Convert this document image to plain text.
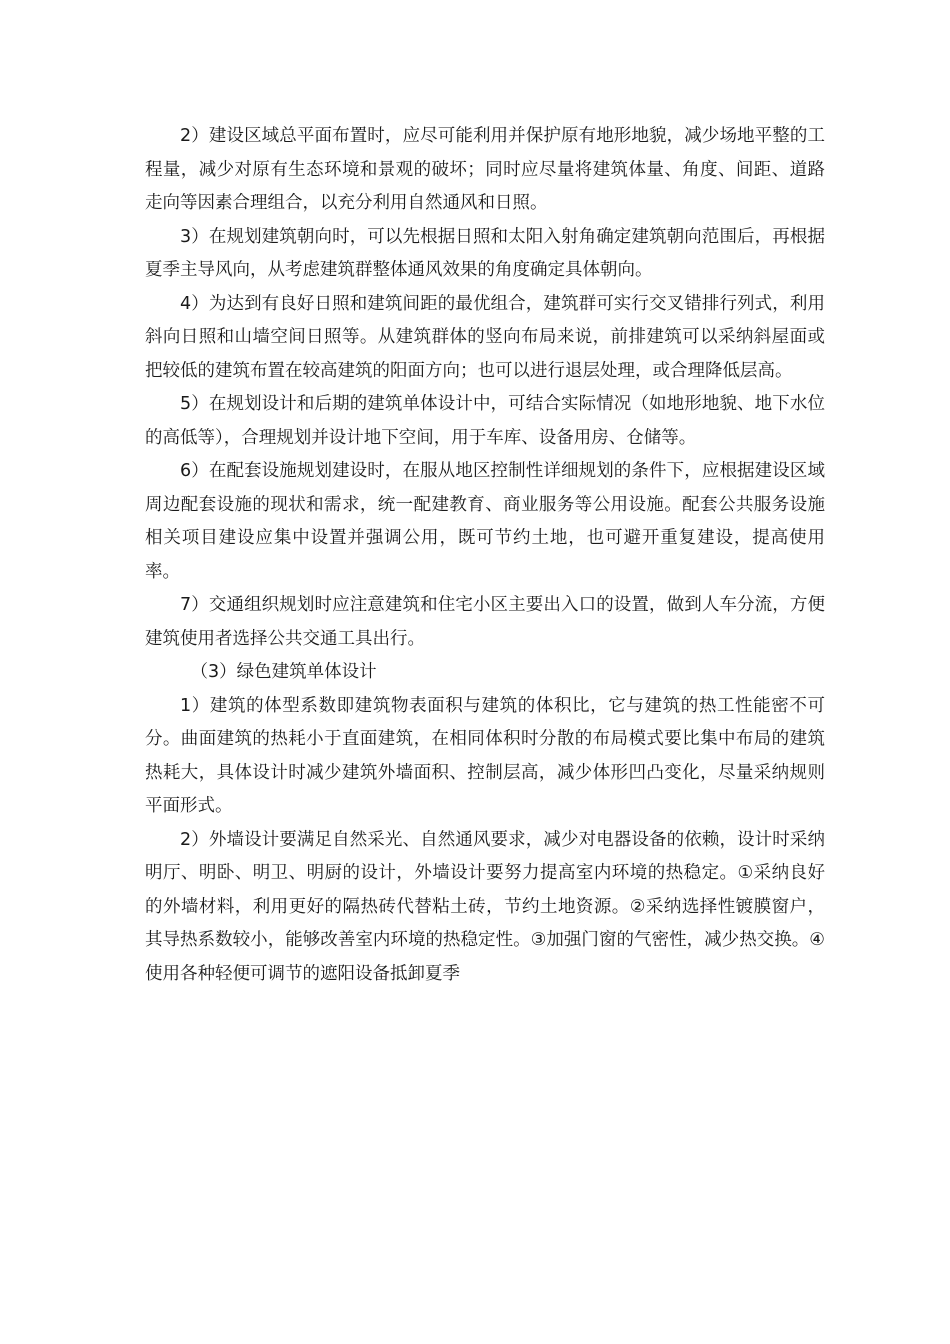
2）建设区域总平面布置时，应尽可能利用并保护原有地形地貌，减少场地平整的工程量，减少对原有生态环境和景观的破坏；同时应尽量将建筑体量、角度、间距、道路走向等因素合理组合，以充分利用自然通风和日照。

3）在规划建筑朝向时，可以先根据日照和太阳入射角确定建筑朝向范围后，再根据夏季主导风向，从考虑建筑群整体通风效果的角度确定具体朝向。

4）为达到有良好日照和建筑间距的最优组合，建筑群可实行交叉错排行列式，利用斜向日照和山墙空间日照等。从建筑群体的竖向布局来说，前排建筑可以采纳斜屋面或把较低的建筑布置在较高建筑的阳面方向；也可以进行退层处理，或合理降低层高。

5）在规划设计和后期的建筑单体设计中，可结合实际情况（如地形地貌、地下水位的高低等），合理规划并设计地下空间，用于车库、设备用房、仓储等。

6）在配套设施规划建设时，在服从地区控制性详细规划的条件下，应根据建设区域周边配套设施的现状和需求，统一配建教育、商业服务等公用设施。配套公共服务设施相关项目建设应集中设置并强调公用，既可节约土地，也可避开重复建设，提高使用率。

7）交通组织规划时应注意建筑和住宅小区主要出入口的设置，做到人车分流，方便建筑使用者选择公共交通工具出行。

（3）绿色建筑单体设计

1）建筑的体型系数即建筑物表面积与建筑的体积比，它与建筑的热工性能密不可分。曲面建筑的热耗小于直面建筑，在相同体积时分散的布局模式要比集中布局的建筑热耗大，具体设计时减少建筑外墙面积、控制层高，减少体形凹凸变化，尽量采纳规则平面形式。

2）外墙设计要满足自然采光、自然通风要求，减少对电器设备的依赖，设计时采纳明厅、明卧、明卫、明厨的设计，外墙设计要努力提高室内环境的热稳定。①采纳良好的外墙材料，利用更好的隔热砖代替粘土砖，节约土地资源。②采纳选择性镀膜窗户，其导热系数较小，能够改善室内环境的热稳定性。③加强门窗的气密性，减少热交换。④使用各种轻便可调节的遮阳设备抵卸夏季
